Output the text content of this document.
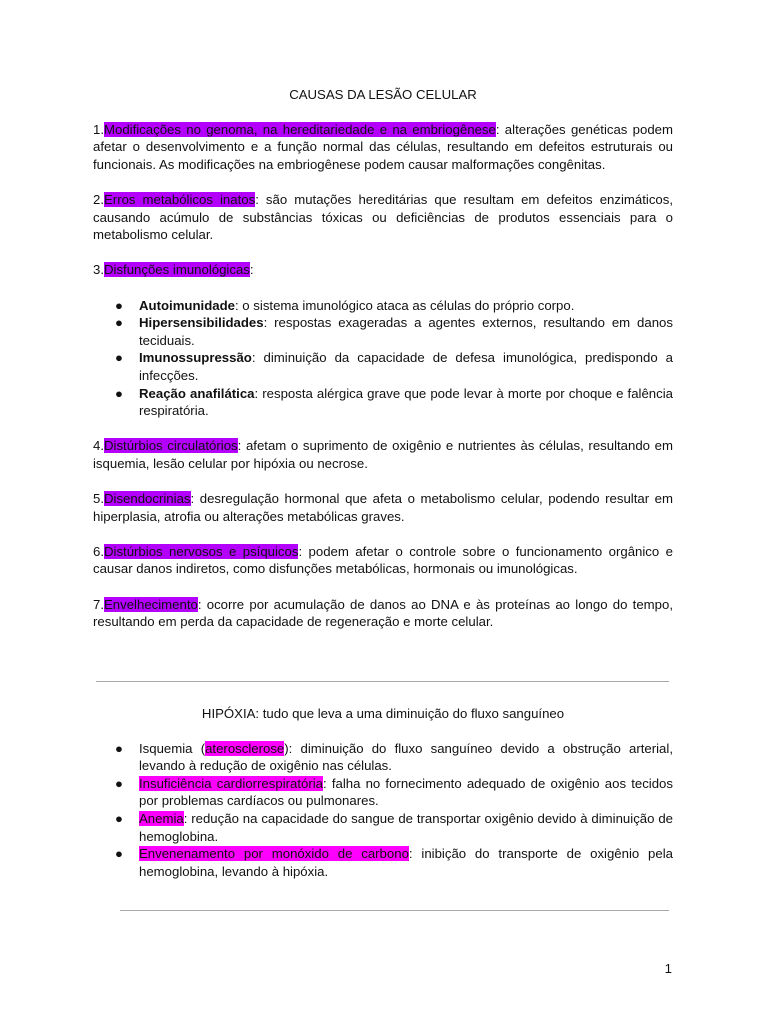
CAUSAS DA LESÃO CELULAR

1.Modificações no genoma, na hereditariedade e na embriogênese: alterações genéticas podem afetar o desenvolvimento e a função normal das células, resultando em defeitos estruturais ou funcionais. As modificações na embriogênese podem causar malformações congênitas.

2.Erros metabólicos inatos: são mutações hereditárias que resultam em defeitos enzimáticos, causando acúmulo de substâncias tóxicas ou deficiências de produtos essenciais para o metabolismo celular.

3.Disfunções imunológicas:

● Autoimunidade: o sistema imunológico ataca as células do próprio corpo.
● Hipersensibilidades: respostas exageradas a agentes externos, resultando em danos teciduais.
● Imunossupressão: diminuição da capacidade de defesa imunológica, predispondo a infecções.
● Reação anafilática: resposta alérgica grave que pode levar à morte por choque e falência respiratória.

4.Distúrbios circulatórios: afetam o suprimento de oxigênio e nutrientes às células, resultando em isquemia, lesão celular por hipóxia ou necrose.

5.Disendocrinias: desregulação hormonal que afeta o metabolismo celular, podendo resultar em hiperplasia, atrofia ou alterações metabólicas graves.

6.Distúrbios nervosos e psíquicos: podem afetar o controle sobre o funcionamento orgânico e causar danos indiretos, como disfunções metabólicas, hormonais ou imunológicas.

7.Envelhecimento: ocorre por acumulação de danos ao DNA e às proteínas ao longo do tempo, resultando em perda da capacidade de regeneração e morte celular.

HIPÓXIA: tudo que leva a uma diminuição do fluxo sanguíneo

● Isquemia (aterosclerose): diminuição do fluxo sanguíneo devido a obstrução arterial, levando à redução de oxigênio nas células.
● Insuficiência cardiorrespiratória: falha no fornecimento adequado de oxigênio aos tecidos por problemas cardíacos ou pulmonares.
● Anemia: redução na capacidade do sangue de transportar oxigênio devido à diminuição de hemoglobina.
● Envenenamento por monóxido de carbono: inibição do transporte de oxigênio pela hemoglobina, levando à hipóxia.
1
